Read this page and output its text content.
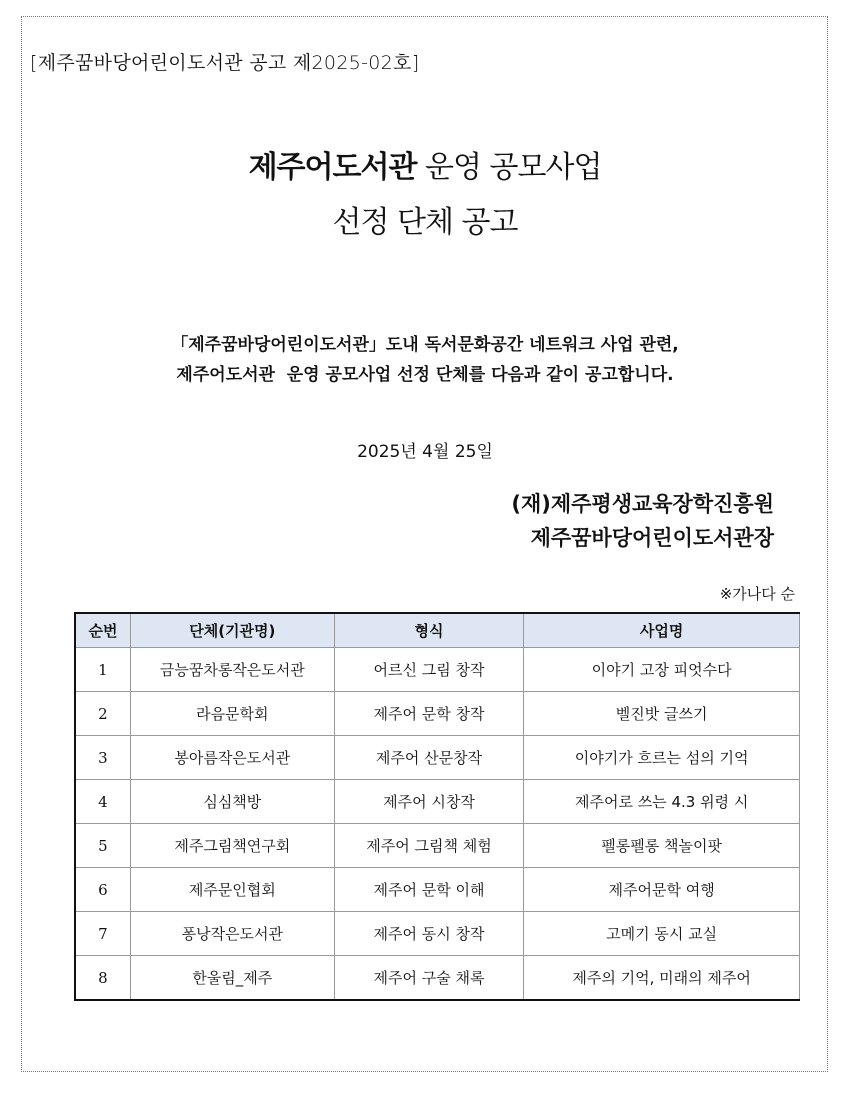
[제주꿈바당어린이도서관 공고 제2025-02호]
제주어도서관 운영 공모사업
선정 단체 공고
「제주꿈바당어린이도서관」도내 독서문화공간 네트워크 사업 관련,
제주어도서관  운영 공모사업 선정 단체를 다음과 같이 공고합니다.
2025년 4월 25일
(재)제주평생교육장학진흥원
제주꿈바당어린이도서관장
※가나다 순
순번	단체(기관명)	형식	사업명
1	금능꿈차롱작은도서관	어르신 그림 창작	이야기 고장 피엇수다
2	라음문학회	제주어 문학 창작	벨진밧 글쓰기
3	봉아름작은도서관	제주어 산문창작	이야기가 흐르는 섬의 기억
4	심심책방	제주어 시창작	제주어로 쓰는 4.3 위령 시
5	제주그림책연구회	제주어 그림책 체험	펠롱펠롱 책놀이팟
6	제주문인협회	제주어 문학 이해	제주어문학 여행
7	퐁낭작은도서관	제주어 동시 창작	고메기 동시 교실
8	한울림_제주	제주어 구술 채록	제주의 기억, 미래의 제주어
